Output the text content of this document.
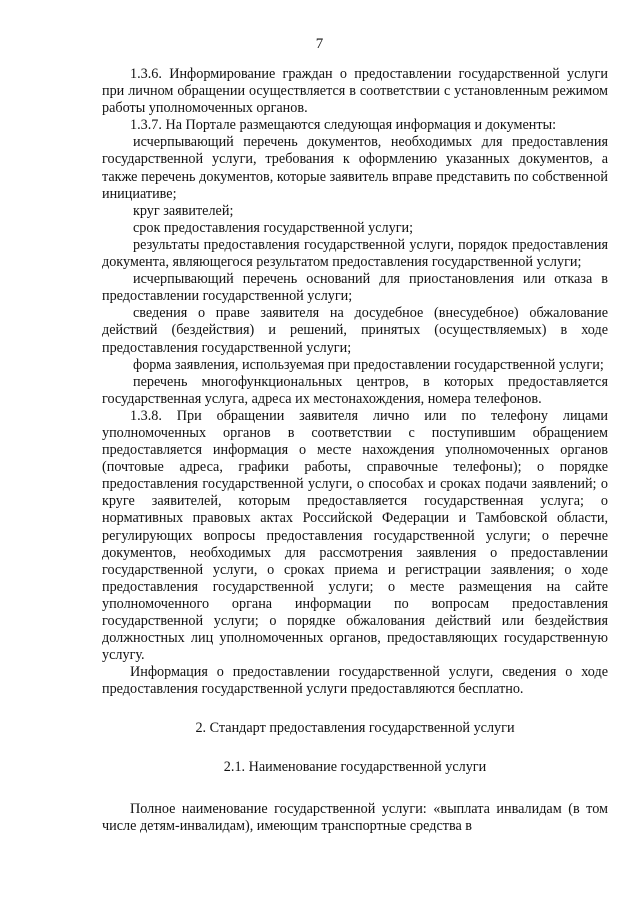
7

1.3.6. Информирование граждан о предоставлении государственной услуги при личном обращении осуществляется в соответствии с установленным режимом работы уполномоченных органов.

1.3.7. На Портале размещаются следующая информация и документы:

исчерпывающий перечень документов, необходимых для предоставления государственной услуги, требования к оформлению указанных документов, а также перечень документов, которые заявитель вправе представить по собственной инициативе;

круг заявителей;

срок предоставления государственной услуги;

результаты предоставления государственной услуги, порядок предоставления документа, являющегося результатом предоставления государственной услуги;

исчерпывающий перечень оснований для приостановления или отказа в предоставлении государственной услуги;

сведения о праве заявителя на досудебное (внесудебное) обжалование действий (бездействия) и решений, принятых (осуществляемых) в ходе предоставления государственной услуги;

форма заявления, используемая при предоставлении государственной услуги;

перечень многофункциональных центров, в которых предоставляется государственная услуга, адреса их местонахождения, номера телефонов.

1.3.8. При обращении заявителя лично или по телефону лицами уполномоченных органов в соответствии с поступившим обращением предоставляется информация о месте нахождения уполномоченных органов (почтовые адреса, графики работы, справочные телефоны); о порядке предоставления государственной услуги, о способах и сроках подачи заявлений; о круге заявителей, которым предоставляется государственная услуга; о нормативных правовых актах Российской Федерации и Тамбовской области, регулирующих вопросы предоставления государственной услуги; о перечне документов, необходимых для рассмотрения заявления о предоставлении государственной услуги, о сроках приема и регистрации заявления; о ходе предоставления государственной услуги; о месте размещения на сайте уполномоченного органа информации по вопросам предоставления государственной услуги; о порядке обжалования действий или бездействия должностных лиц уполномоченных органов, предоставляющих государственную услугу.

Информация о предоставлении государственной услуги, сведения о ходе предоставления государственной услуги предоставляются бесплатно.

2. Стандарт предоставления государственной услуги
2.1. Наименование государственной услуги

Полное наименование государственной услуги: «выплата инвалидам (в том числе детям-инвалидам), имеющим транспортные средства в
